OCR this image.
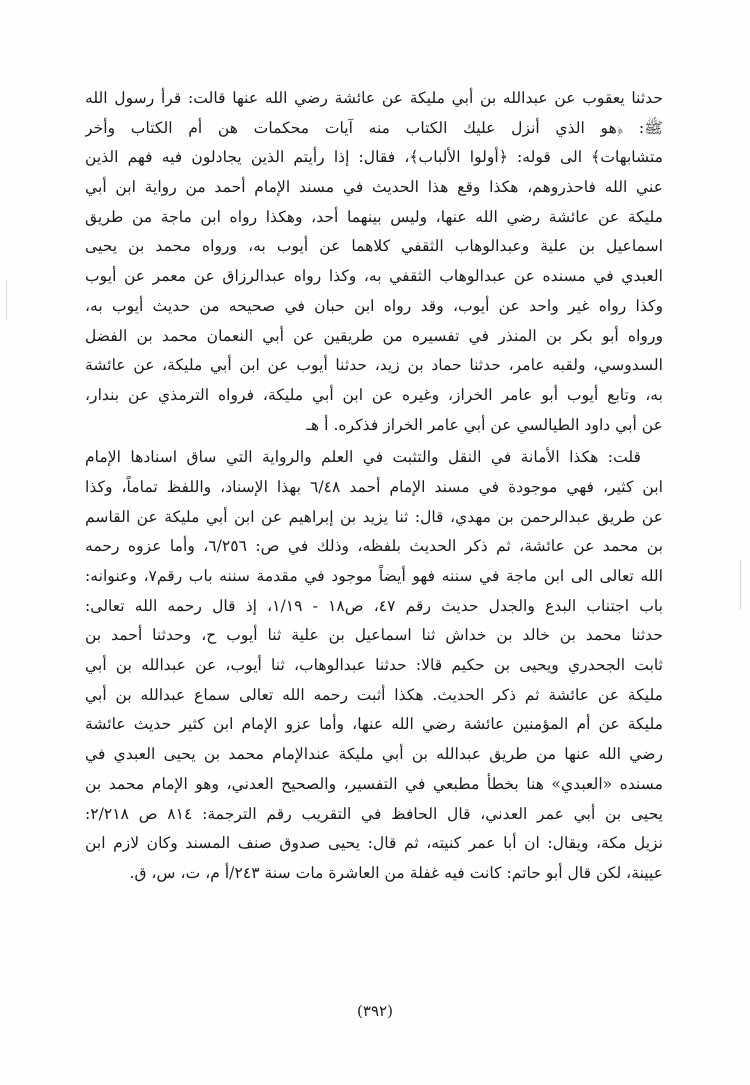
حدثنا يعقوب عن عبدالله بن أبي مليكة عن عائشة رضي الله عنها قالت: قرأ رسول الله
ﷺ: ﴿هو الذي أنزل عليك الكتاب منه آيات محكمات هن أم الكتاب وأخر
متشابهات﴾ الى قوله: ﴿أولوا الألباب﴾، فقال: إذا رأيتم الذين يجادلون فيه فهم الذين
عني الله فاحذروهم، هكذا وقع هذا الحديث في مسند الإمام أحمد من رواية ابن أبي
مليكة عن عائشة رضي الله عنها، وليس بينهما أحد، وهكذا رواه ابن ماجة من طريق
اسماعيل بن علية وعبدالوهاب الثقفي كلاهما عن أيوب به، ورواه محمد بن يحيى
العبدي في مسنده عن عبدالوهاب الثقفي به، وكذا رواه عبدالرزاق عن معمر عن أيوب
وكذا رواه غير واحد عن أيوب، وقد رواه ابن حبان في صحيحه من حديث أيوب به،
ورواه أبو بكر بن المنذر في تفسيره من طريقين عن أبي النعمان محمد بن الفضل
السدوسي، ولقبه عامر، حدثنا حماد بن زيد، حدثنا أيوب عن ابن أبي مليكة، عن عائشة
به، وتابع أيوب أبو عامر الخراز، وغيره عن ابن أبي مليكة، فرواه الترمذي عن بندار،
عن أبي داود الطيالسي عن أبي عامر الخراز فذكره. أ هـ
قلت: هكذا الأمانة في النقل والتثبت في العلم والرواية التي ساق اسنادها الإمام
ابن كثير، فهي موجودة في مسند الإمام أحمد ٦/٤٨ بهذا الإسناد، واللفظ تماماً، وكذا
عن طريق عبدالرحمن بن مهدي، قال: ثنا يزيد بن إبراهيم عن ابن أبي مليكة عن القاسم
بن محمد عن عائشة، ثم ذكر الحديث بلفظه، وذلك في ص: ٦/٢٥٦، وأما عزوه رحمه
الله تعالى الى ابن ماجة في سننه فهو أيضاً موجود في مقدمة سننه باب رقم٧، وعنوانه:
باب اجتناب البدع والجدل حديث رقم ٤٧، ص١٨ - ١/١٩، إذ قال رحمه الله تعالى:
حدثنا محمد بن خالد بن خداش ثنا اسماعيل بن علية ثنا أيوب ح، وحدثنا أحمد بن
ثابت الجحدري ويحيى بن حكيم قالا: حدثنا عبدالوهاب، ثنا أيوب، عن عبدالله بن أبي
مليكة عن عائشة ثم ذكر الحديث. هكذا أثبت رحمه الله تعالى سماع عبدالله بن أبي
مليكة عن أم المؤمنين عائشة رضي الله عنها، وأما عزو الإمام ابن كثير حديث عائشة
رضي الله عنها من طريق عبدالله بن أبي مليكة عندالإمام محمد بن يحيى العبدي في
مسنده «العبدي» هنا بخطأ مطبعي في التفسير، والصحيح العدني، وهو الإمام محمد بن
يحيى بن أبي عمر العدني، قال الحافظ في التقريب رقم الترجمة: ٨١٤ ص ٢/٢١٨:
نزيل مكة، ويقال: ان أبا عمر كنيته، ثم قال: يحيى صدوق صنف المسند وكان لازم ابن
عيينة، لكن قال أبو حاتم: كانت فيه غفلة من العاشرة مات سنة ٢٤٣/أ م، ت، س، ق.
(٣٩٢)
